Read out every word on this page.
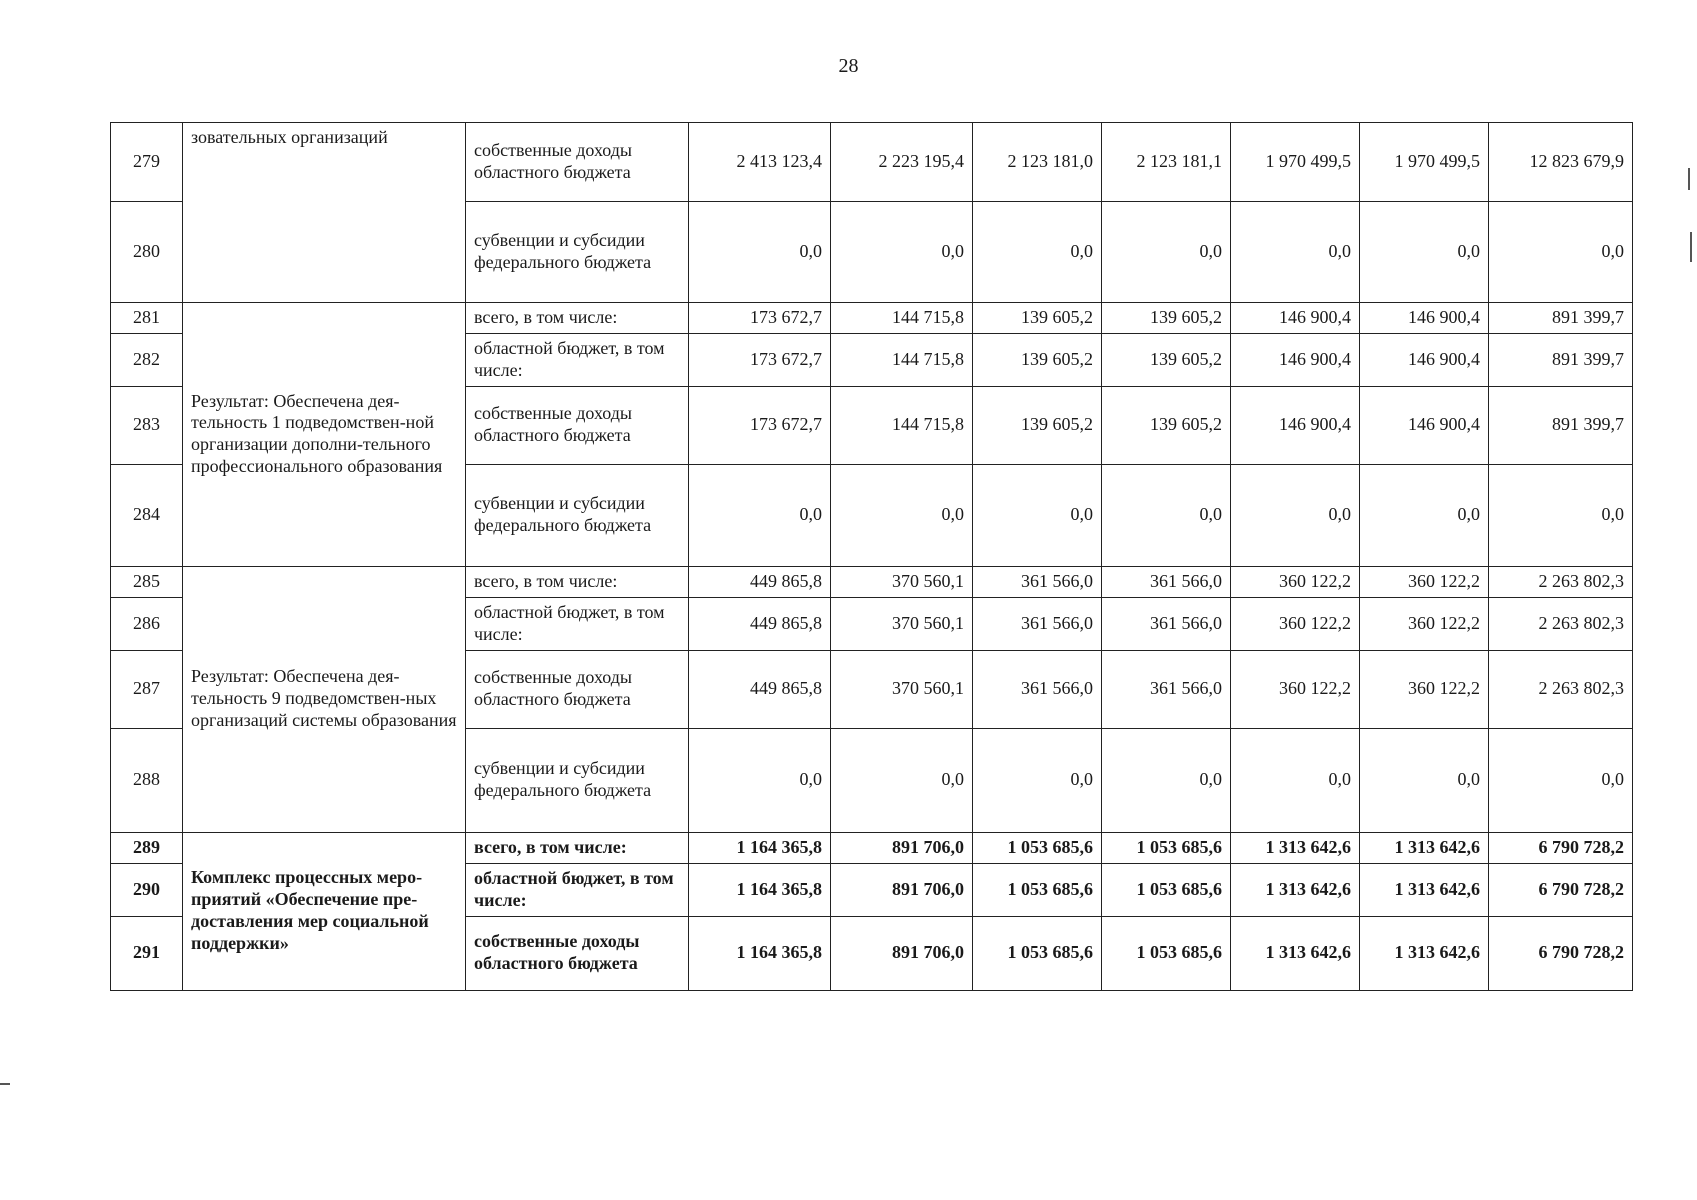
28
279	зовательных организаций	собственные доходы областного бюджета	2 413 123,4	2 223 195,4	2 123 181,0	2 123 181,1	1 970 499,5	1 970 499,5	12 823 679,9
280		субвенции и субсидии федерального бюджета	0,0	0,0	0,0	0,0	0,0	0,0	0,0
281	Результат: Обеспечена дея-тельность 1 подведомствен-ной организации дополни-тельного профессионального образования	всего, в том числе:	173 672,7	144 715,8	139 605,2	139 605,2	146 900,4	146 900,4	891 399,7
282		областной бюджет, в том числе:	173 672,7	144 715,8	139 605,2	139 605,2	146 900,4	146 900,4	891 399,7
283		собственные доходы областного бюджета	173 672,7	144 715,8	139 605,2	139 605,2	146 900,4	146 900,4	891 399,7
284		субвенции и субсидии федерального бюджета	0,0	0,0	0,0	0,0	0,0	0,0	0,0
285	Результат: Обеспечена дея-тельность 9 подведомствен-ных организаций системы образования	всего, в том числе:	449 865,8	370 560,1	361 566,0	361 566,0	360 122,2	360 122,2	2 263 802,3
286		областной бюджет, в том числе:	449 865,8	370 560,1	361 566,0	361 566,0	360 122,2	360 122,2	2 263 802,3
287		собственные доходы областного бюджета	449 865,8	370 560,1	361 566,0	361 566,0	360 122,2	360 122,2	2 263 802,3
288		субвенции и субсидии федерального бюджета	0,0	0,0	0,0	0,0	0,0	0,0	0,0
289	Комплекс процессных меро-приятий «Обеспечение пре-доставления мер социальной поддержки»	всего, в том числе:	1 164 365,8	891 706,0	1 053 685,6	1 053 685,6	1 313 642,6	1 313 642,6	6 790 728,2
290		областной бюджет, в том числе:	1 164 365,8	891 706,0	1 053 685,6	1 053 685,6	1 313 642,6	1 313 642,6	6 790 728,2
291		собственные доходы областного бюджета	1 164 365,8	891 706,0	1 053 685,6	1 053 685,6	1 313 642,6	1 313 642,6	6 790 728,2
